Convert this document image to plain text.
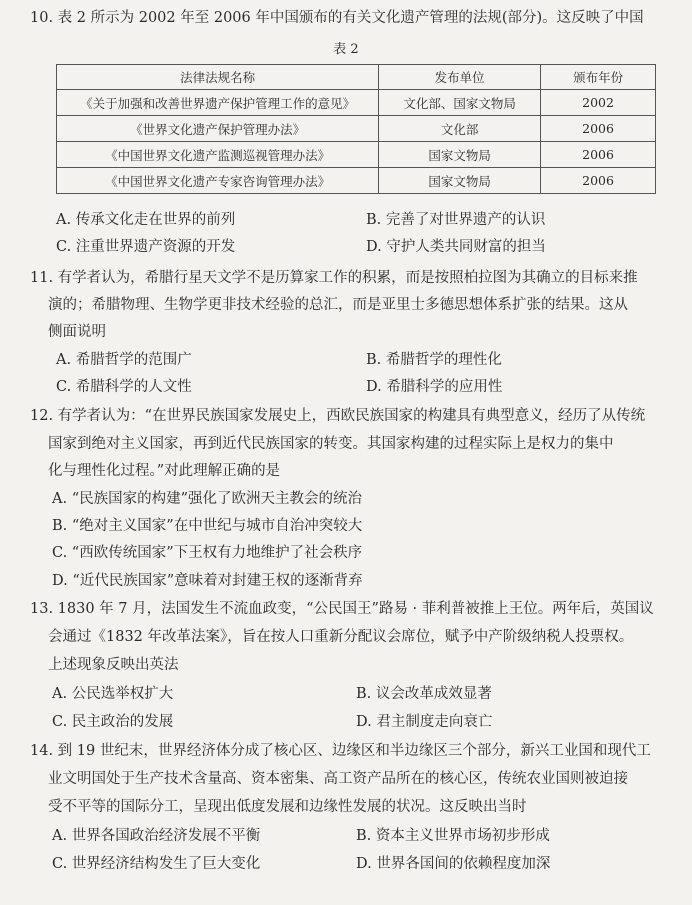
10. 表 2 所示为 2002 年至 2006 年中国颁布的有关文化遗产管理的法规(部分)。这反映了中国
表 2
法律法规名称	发布单位	颁布年份
《关于加强和改善世界遗产保护管理工作的意见》	文化部、国家文物局	2002
《世界文化遗产保护管理办法》	文化部	2006
《中国世界文化遗产监测巡视管理办法》	国家文物局	2006
《中国世界文化遗产专家咨询管理办法》	国家文物局	2006
A. 传承文化走在世界的前列	B. 完善了对世界遗产的认识
C. 注重世界遗产资源的开发	D. 守护人类共同财富的担当
11. 有学者认为，希腊行星天文学不是历算家工作的积累，而是按照柏拉图为其确立的目标来推
演的；希腊物理、生物学更非技术经验的总汇，而是亚里士多德思想体系扩张的结果。这从
侧面说明
A. 希腊哲学的范围广	B. 希腊哲学的理性化
C. 希腊科学的人文性	D. 希腊科学的应用性
12. 有学者认为：“在世界民族国家发展史上，西欧民族国家的构建具有典型意义，经历了从传统
国家到绝对主义国家，再到近代民族国家的转变。其国家构建的过程实际上是权力的集中
化与理性化过程。”对此理解正确的是
A. “民族国家的构建”强化了欧洲天主教会的统治
B. “绝对主义国家”在中世纪与城市自治冲突较大
C. “西欧传统国家”下王权有力地维护了社会秩序
D. “近代民族国家”意味着对封建王权的逐渐背弃
13. 1830 年 7 月，法国发生不流血政变，“公民国王”路易 · 菲利普被推上王位。两年后，英国议
会通过《1832 年改革法案》，旨在按人口重新分配议会席位，赋予中产阶级纳税人投票权。
上述现象反映出英法
A. 公民选举权扩大	B. 议会改革成效显著
C. 民主政治的发展	D. 君主制度走向衰亡
14. 到 19 世纪末，世界经济体分成了核心区、边缘区和半边缘区三个部分，新兴工业国和现代工
业文明国处于生产技术含量高、资本密集、高工资产品所在的核心区，传统农业国则被迫接
受不平等的国际分工，呈现出低度发展和边缘性发展的状况。这反映出当时
A. 世界各国政治经济发展不平衡	B. 资本主义世界市场初步形成
C. 世界经济结构发生了巨大变化	D. 世界各国间的依赖程度加深
